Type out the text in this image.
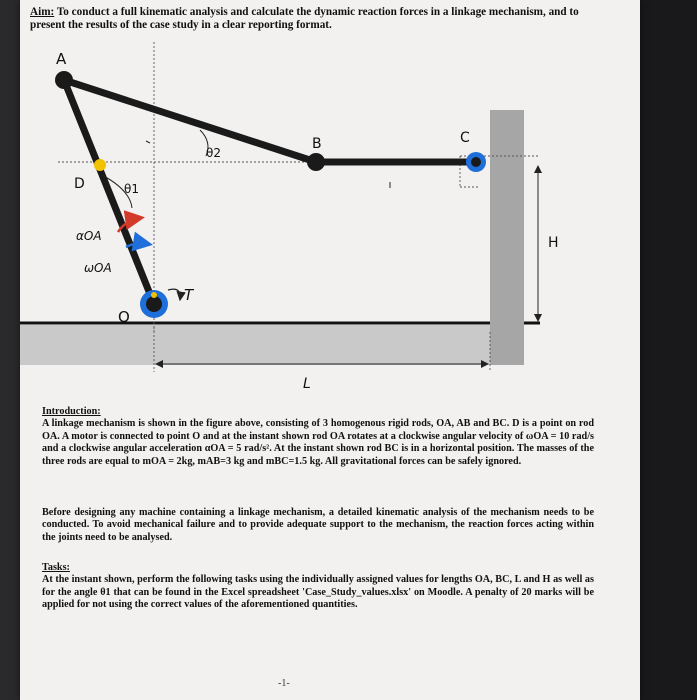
Aim: To conduct a full kinematic analysis and calculate the dynamic reaction forces in a linkage mechanism, and to present the results of the case study in a clear reporting format.
A
B	C
D
O
T
H
L
θ1
θ2
αOA
ωOA
Introduction:
A linkage mechanism is shown in the figure above, consisting of 3 homogenous rigid rods, OA, AB and BC. D is a point on rod OA. A motor is connected to point O and at the instant shown rod OA rotates at a clockwise angular velocity of ωOA = 10 rad/s and a clockwise angular acceleration αOA = 5 rad/s². At the instant shown rod BC is in a horizontal position. The masses of the three rods are equal to mOA = 2kg, mAB=3 kg and mBC=1.5 kg. All gravitational forces can be safely ignored.
Before designing any machine containing a linkage mechanism, a detailed kinematic analysis of the mechanism needs to be conducted. To avoid mechanical failure and to provide adequate support to the mechanism, the reaction forces acting within the joints need to be analysed.
Tasks:
At the instant shown, perform the following tasks using the individually assigned values for lengths OA, BC, L and H as well as for the angle θ1 that can be found in the Excel spreadsheet 'Case_Study_values.xlsx' on Moodle. A penalty of 20 marks will be applied for not using the correct values of the aforementioned quantities.
-1-
